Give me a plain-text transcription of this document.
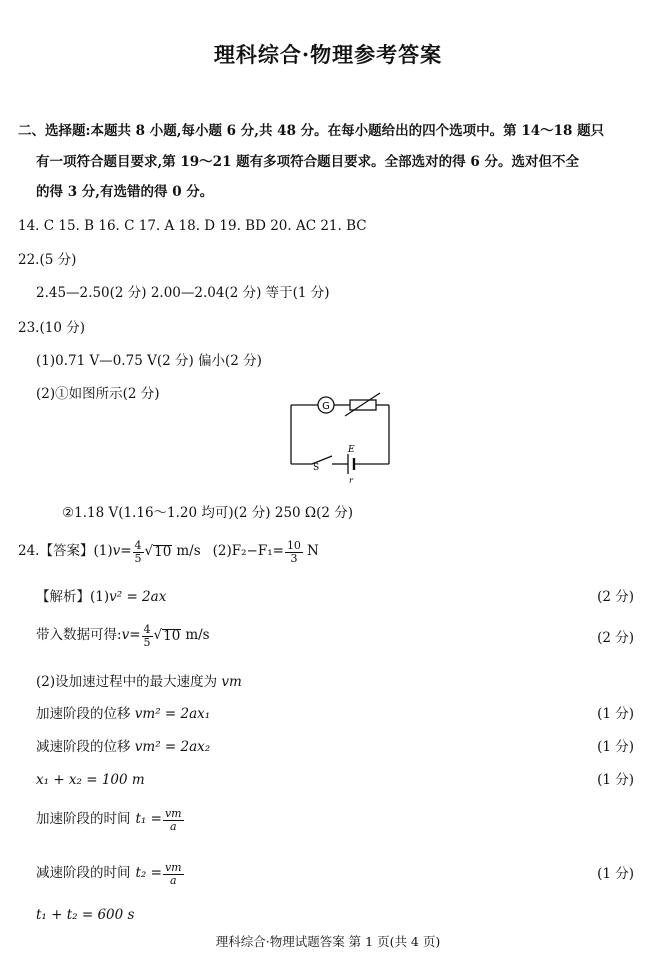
理科综合·物理参考答案
二、选择题:本题共 8 小题,每小题 6 分,共 48 分。在每小题给出的四个选项中。第 14～18 题只
有一项符合题目要求,第 19～21 题有多项符合题目要求。全部选对的得 6 分。选对但不全
的得 3 分,有选错的得 0 分。
14. C 15. B 16. C 17. A 18. D 19. BD 20. AC 21. BC
22.(5 分)
2.45—2.50(2 分) 2.00—2.04(2 分) 等于(1 分)
23.(10 分)
(1)0.71 V—0.75 V(2 分) 偏小(2 分)
(2)①如图所示(2 分)
G
E
r
S
②1.18 V(1.16～1.20 均可)(2 分) 250 Ω(2 分)
24.【答案】(1) $v = \frac{4}{5}$ √ 10 m/s $(2)F_2-F_1= \frac{10}{3}$ N
【解析】(1)v² = 2ax	(2 分)
带入数据可得: $v = \frac{4}{5}$ √ 10 m/s	(2 分)
(2)设加速过程中的最大速度为 vm
加速阶段的位移 vm² = 2ax₁	(1 分)
减速阶段的位移 vm² = 2ax₂	(1 分)
x₁ + x₂ = 100 m	(1 分)
加速阶段的时间 $t_1 = \frac{vm}{a}$
减速阶段的时间 $t_2 = \frac{vm}{a}$	(1 分)
t₁ + t₂ = 600 s
理科综合·物理试题答案 第 1 页(共 4 页)
